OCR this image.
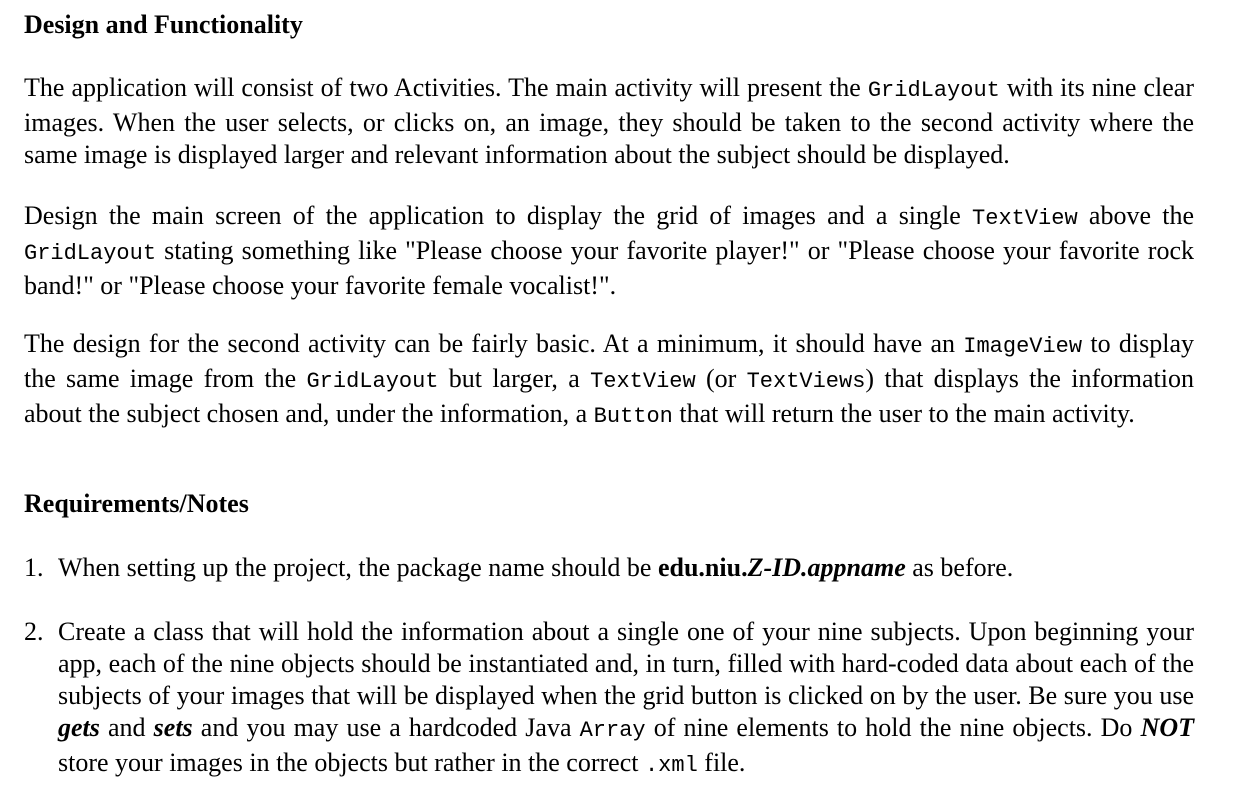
Design and Functionality

The application will consist of two Activities. The main activity will present the GridLayout with its nine clear images. When the user selects, or clicks on, an image, they should be taken to the second activity where the same image is displayed larger and relevant information about the subject should be displayed.

Design the main screen of the application to display the grid of images and a single TextView above the GridLayout stating something like "Please choose your favorite player!" or "Please choose your favorite rock band!" or "Please choose your favorite female vocalist!".

The design for the second activity can be fairly basic. At a minimum, it should have an ImageView to display the same image from the GridLayout but larger, a TextView (or TextViews) that displays the information about the subject chosen and, under the information, a Button that will return the user to the main activity.

Requirements/Notes
1. When setting up the project, the package name should be edu.niu.Z-ID.appname as before.
2. Create a class that will hold the information about a single one of your nine subjects. Upon beginning your app, each of the nine objects should be instantiated and, in turn, filled with hard-coded data about each of the subjects of your images that will be displayed when the grid button is clicked on by the user. Be sure you use gets and sets and you may use a hardcoded Java Array of nine elements to hold the nine objects. Do NOT store your images in the objects but rather in the correct .xml file.
